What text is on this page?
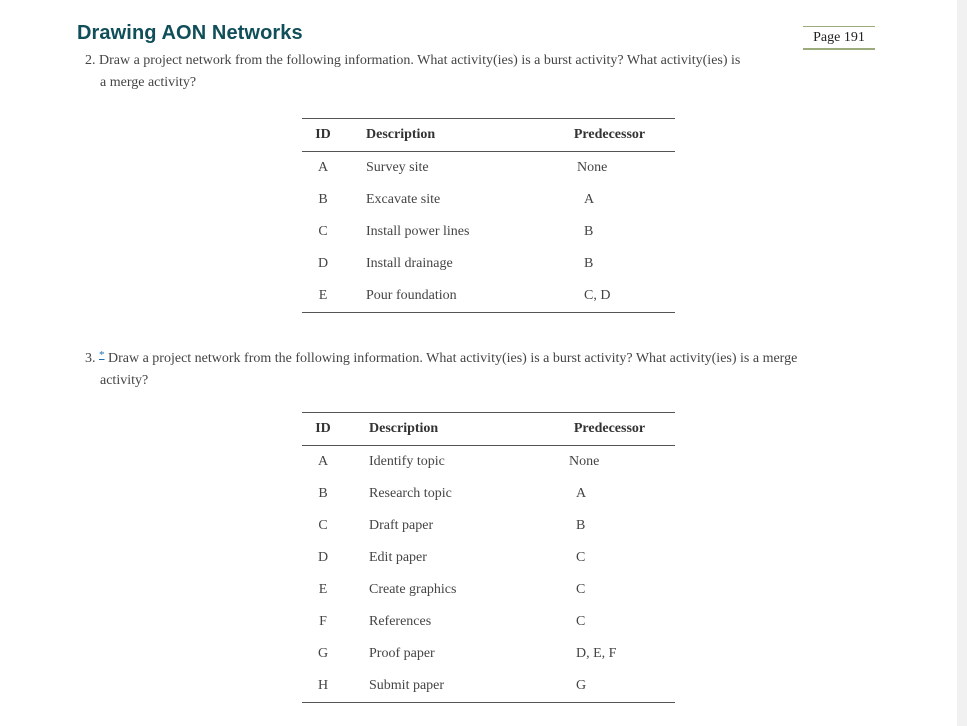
Drawing AON Networks	Page 191
2. Draw a project network from the following information. What activity(ies) is a burst activity? What activity(ies) is
a merge activity?
ID	Description	Predecessor
A	Survey site	None
B	Excavate site	A
C	Install power lines	B
D	Install drainage	B
E	Pour foundation	C, D
3. * Draw a project network from the following information. What activity(ies) is a burst activity? What activity(ies) is a merge
activity?
ID	Description	Predecessor
A	Identify topic	None
B	Research topic	A
C	Draft paper	B
D	Edit paper	C
E	Create graphics	C
F	References	C
G	Proof paper	D, E, F
H	Submit paper	G
